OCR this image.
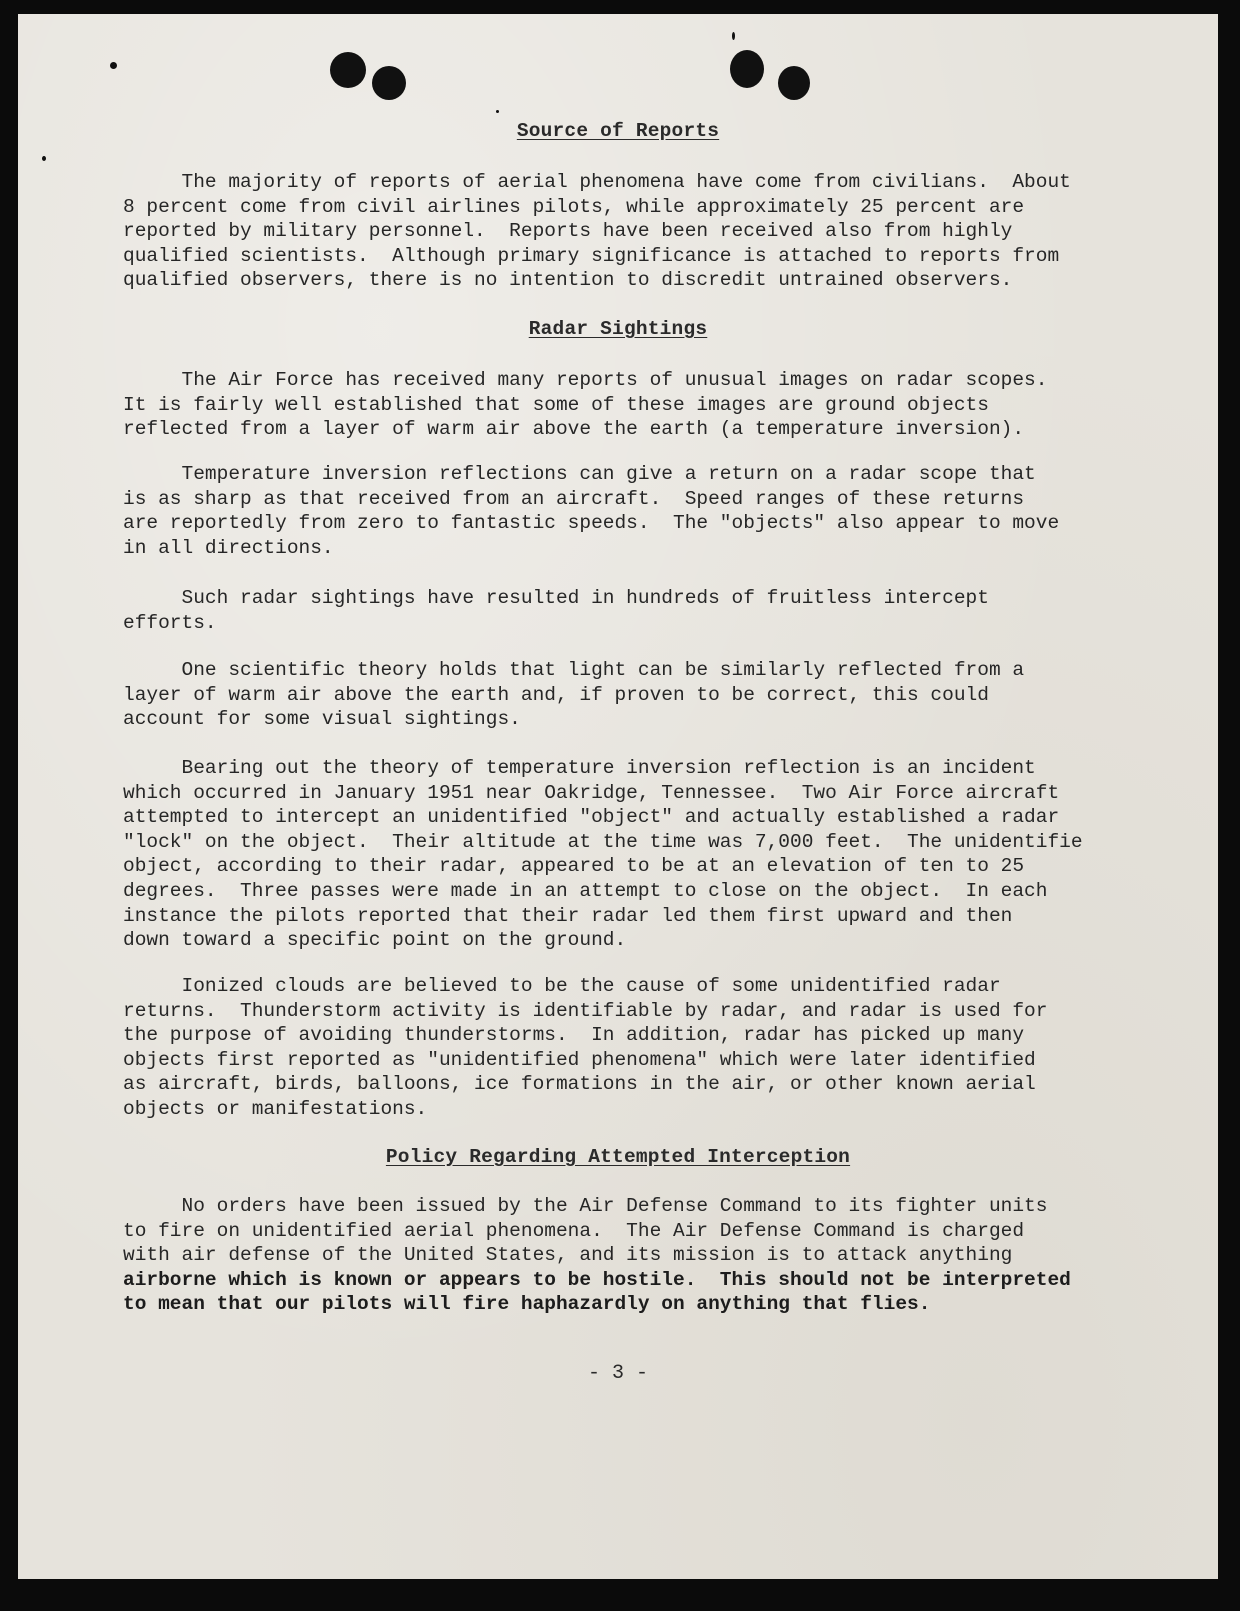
Source of Reports
The majority of reports of aerial phenomena have come from civilians.  About
8 percent come from civil airlines pilots, while approximately 25 percent are
reported by military personnel.  Reports have been received also from highly
qualified scientists.  Although primary significance is attached to reports from
qualified observers, there is no intention to discredit untrained observers.
Radar Sightings
The Air Force has received many reports of unusual images on radar scopes.
It is fairly well established that some of these images are ground objects
reflected from a layer of warm air above the earth (a temperature inversion).
Temperature inversion reflections can give a return on a radar scope that
is as sharp as that received from an aircraft.  Speed ranges of these returns
are reportedly from zero to fantastic speeds.  The "objects" also appear to move
in all directions.
Such radar sightings have resulted in hundreds of fruitless intercept
efforts.
One scientific theory holds that light can be similarly reflected from a
layer of warm air above the earth and, if proven to be correct, this could
account for some visual sightings.
Bearing out the theory of temperature inversion reflection is an incident
which occurred in January 1951 near Oakridge, Tennessee.  Two Air Force aircraft
attempted to intercept an unidentified "object" and actually established a radar
"lock" on the object.  Their altitude at the time was 7,000 feet.  The unidentifie
object, according to their radar, appeared to be at an elevation of ten to 25
degrees.  Three passes were made in an attempt to close on the object.  In each
instance the pilots reported that their radar led them first upward and then
down toward a specific point on the ground.
Ionized clouds are believed to be the cause of some unidentified radar
returns.  Thunderstorm activity is identifiable by radar, and radar is used for
the purpose of avoiding thunderstorms.  In addition, radar has picked up many
objects first reported as "unidentified phenomena" which were later identified
as aircraft, birds, balloons, ice formations in the air, or other known aerial
objects or manifestations.
Policy Regarding Attempted Interception
No orders have been issued by the Air Defense Command to its fighter units
to fire on unidentified aerial phenomena.  The Air Defense Command is charged
with air defense of the United States, and its mission is to attack anything
airborne which is known or appears to be hostile.  This should not be interpreted
to mean that our pilots will fire haphazardly on anything that flies.
- 3 -
